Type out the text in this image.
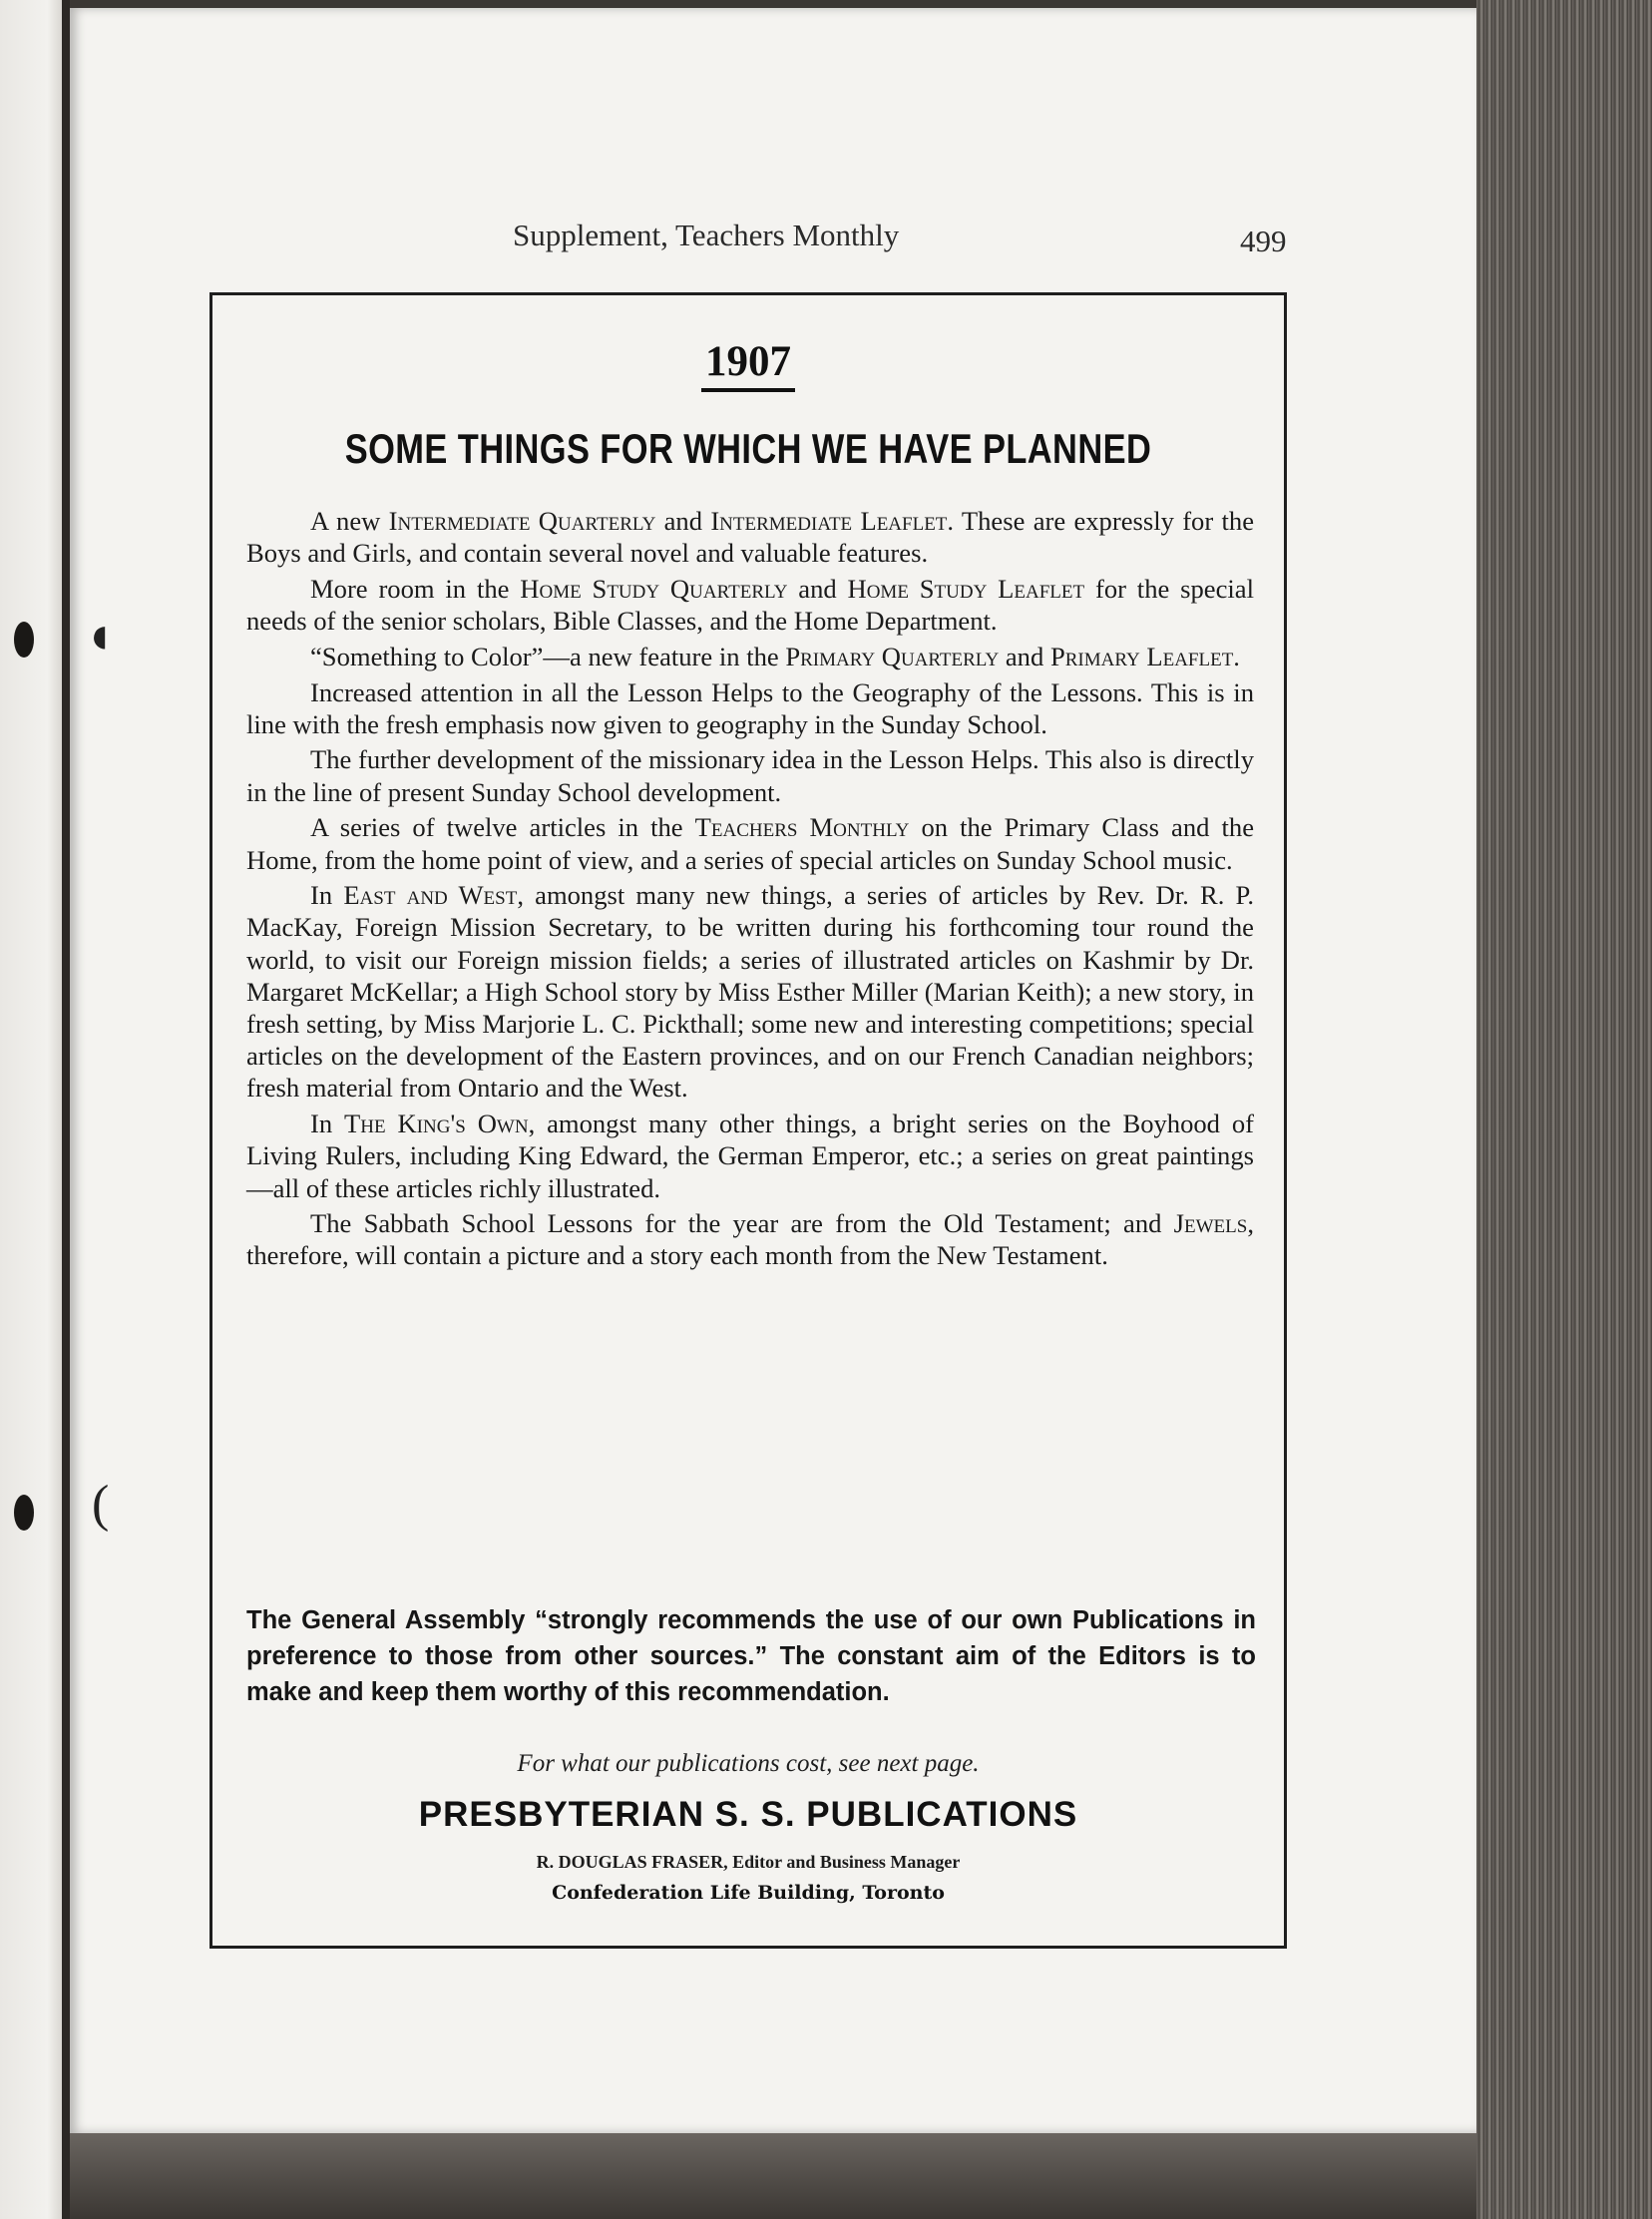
◖
(
Supplement, Teachers Monthly	499
1907
SOME THINGS FOR WHICH WE HAVE PLANNED

A new Intermediate Quarterly and Intermediate Leaflet. These are expressly for the Boys and Girls, and contain several novel and valuable features.

More room in the Home Study Quarterly and Home Study Leaflet for the special needs of the senior scholars, Bible Classes, and the Home Department.

“Something to Color”—a new feature in the Primary Quarterly and Primary Leaflet.

Increased attention in all the Lesson Helps to the Geography of the Lessons. This is in line with the fresh emphasis now given to geography in the Sunday School.

The further development of the missionary idea in the Lesson Helps. This also is directly in the line of present Sunday School development.

A series of twelve articles in the Teachers Monthly on the Primary Class and the Home, from the home point of view, and a series of special articles on Sunday School music.

In East and West, amongst many new things, a series of articles by Rev. Dr. R. P. MacKay, Foreign Mission Secretary, to be written during his forthcoming tour round the world, to visit our Foreign mission fields; a series of illustrated articles on Kashmir by Dr. Margaret McKellar; a High School story by Miss Esther Miller (Marian Keith); a new story, in fresh setting, by Miss Marjorie L. C. Pickthall; some new and interesting competitions; special articles on the development of the Eastern provinces, and on our French Canadian neighbors; fresh material from Ontario and the West.

In The King's Own, amongst many other things, a bright series on the Boyhood of Living Rulers, including King Edward, the German Emperor, etc.; a series on great paintings—all of these articles richly illustrated.

The Sabbath School Lessons for the year are from the Old Testament; and Jewels, therefore, will contain a picture and a story each month from the New Testament.

The General Assembly “strongly recommends the use of our own Publications in preference to those from other sources.” The constant aim of the Editors is to make and keep them worthy of this recommendation.

For what our publications cost, see next page.
PRESBYTERIAN S. S. PUBLICATIONS
R. DOUGLAS FRASER, Editor and Business Manager
Confederation Life Building, Toronto
